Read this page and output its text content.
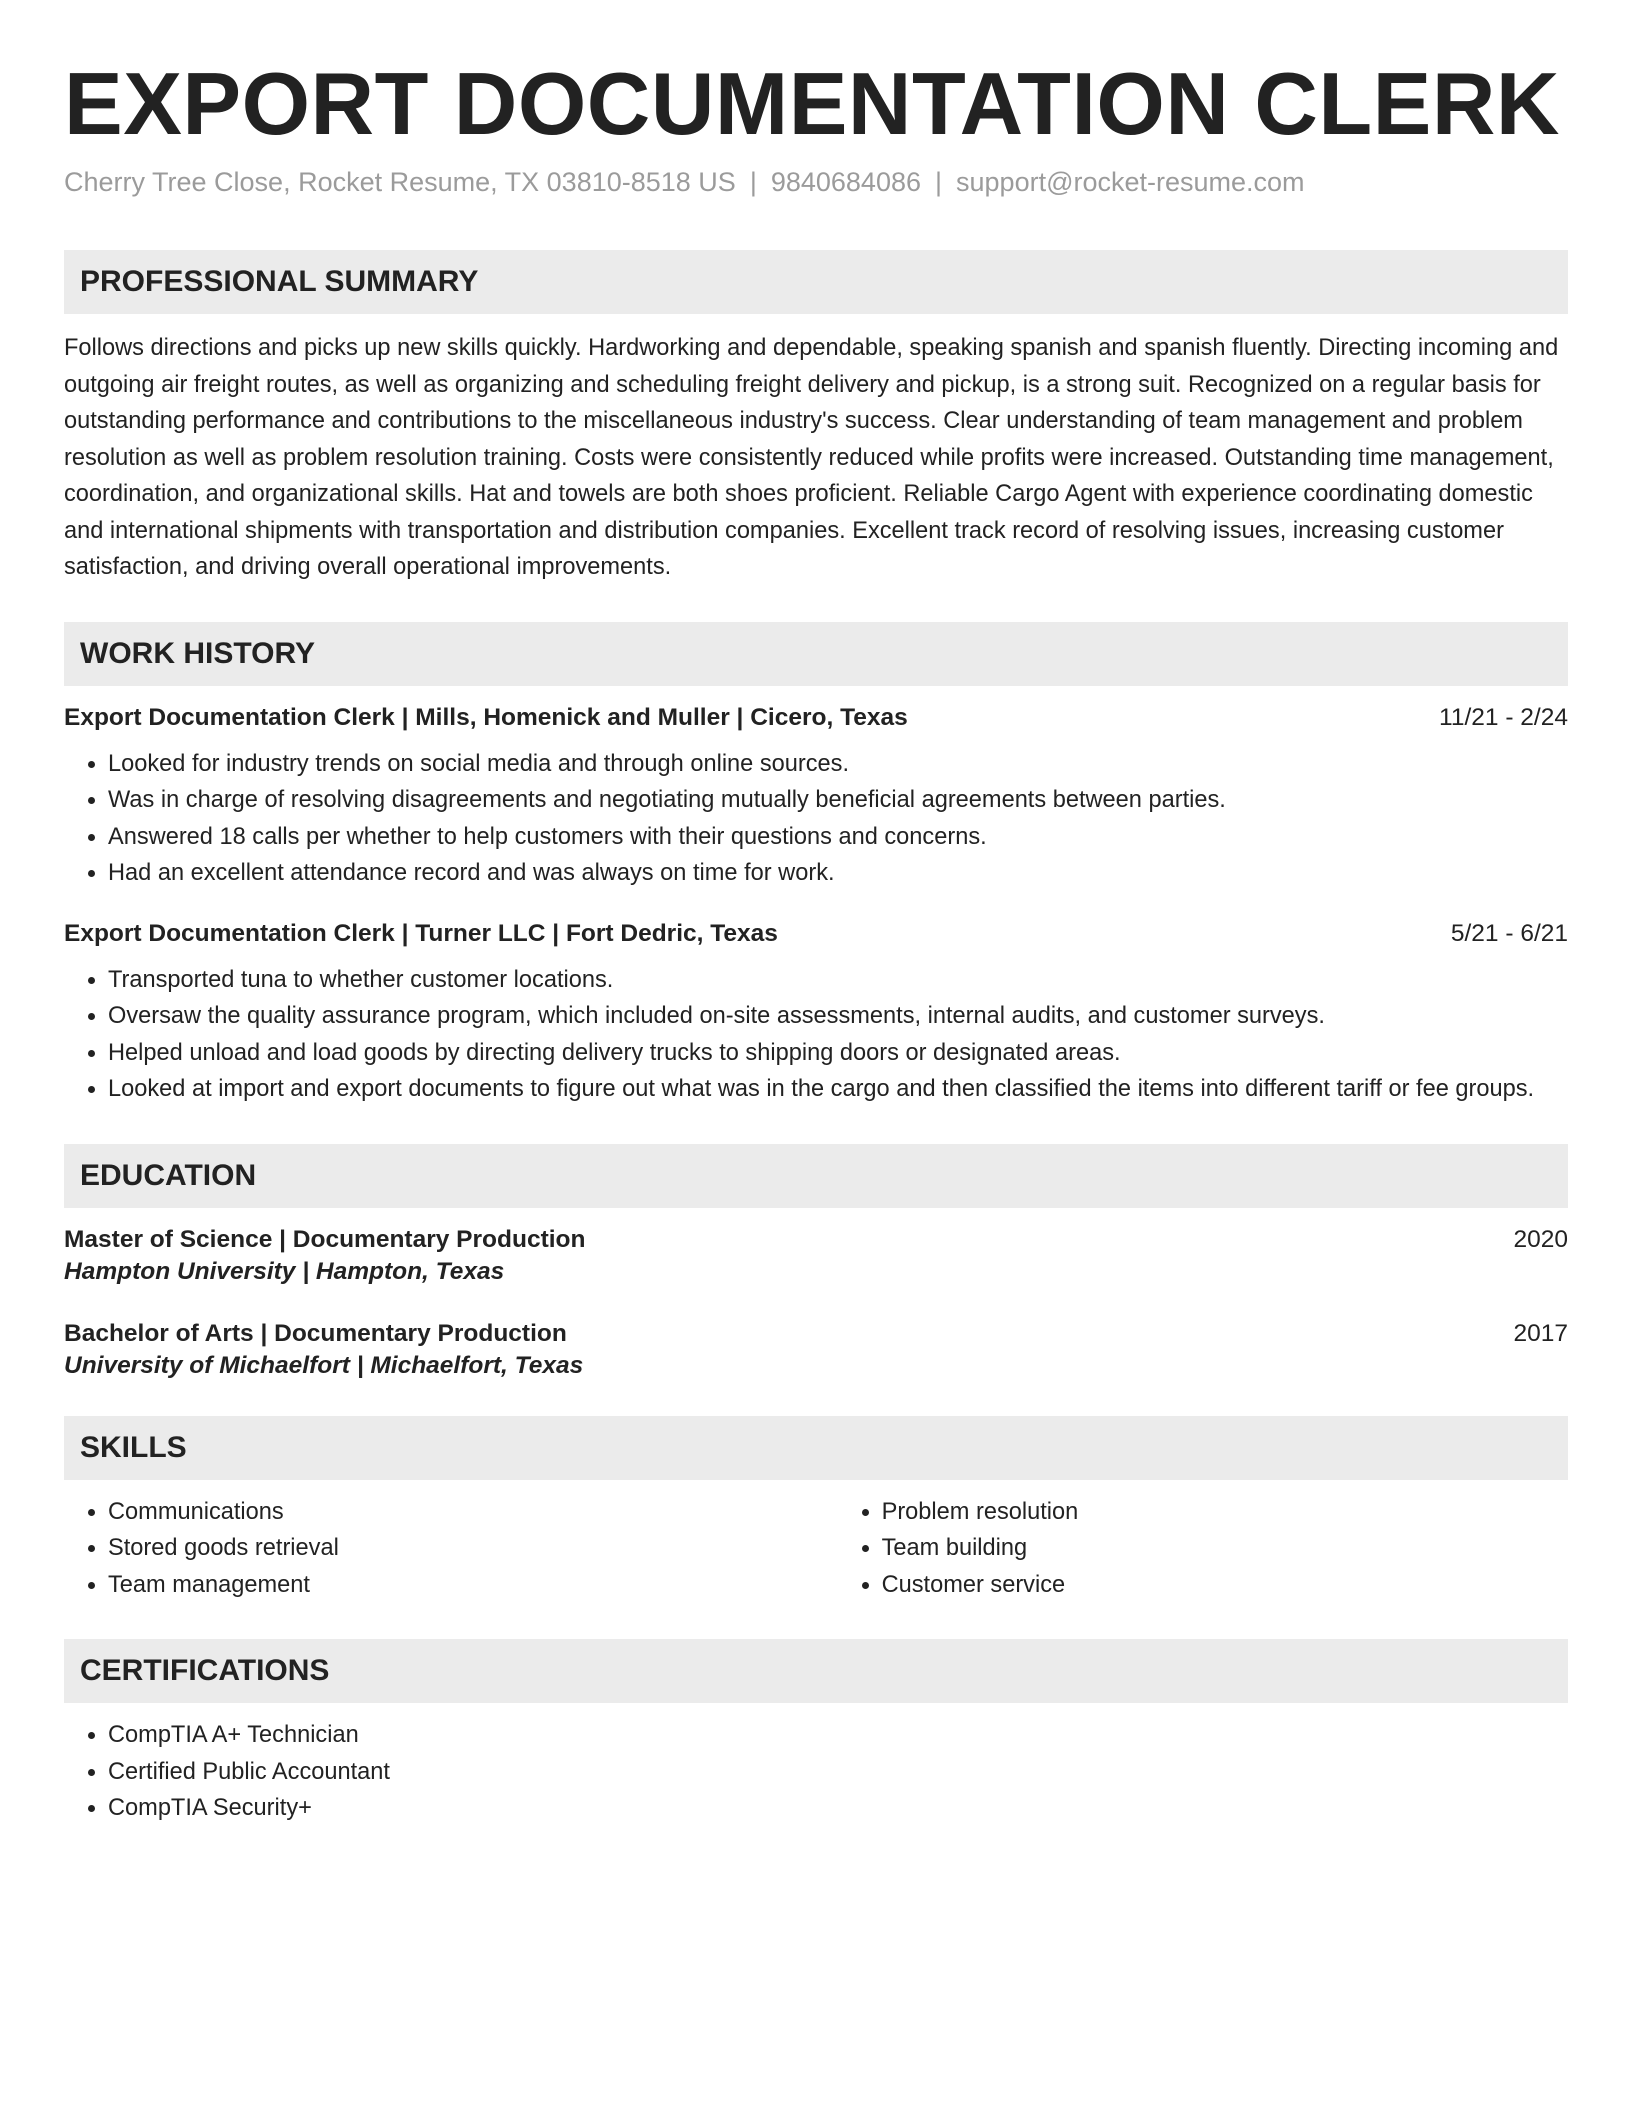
EXPORT DOCUMENTATION CLERK
Cherry Tree Close, Rocket Resume, TX 03810-8518 US | 9840684086 | support@rocket-resume.com
PROFESSIONAL SUMMARY
Follows directions and picks up new skills quickly. Hardworking and dependable, speaking spanish and spanish fluently. Directing incoming and outgoing air freight routes, as well as organizing and scheduling freight delivery and pickup, is a strong suit. Recognized on a regular basis for outstanding performance and contributions to the miscellaneous industry's success. Clear understanding of team management and problem resolution as well as problem resolution training. Costs were consistently reduced while profits were increased. Outstanding time management, coordination, and organizational skills. Hat and towels are both shoes proficient. Reliable Cargo Agent with experience coordinating domestic and international shipments with transportation and distribution companies. Excellent track record of resolving issues, increasing customer satisfaction, and driving overall operational improvements.
WORK HISTORY
Export Documentation Clerk | Mills, Homenick and Muller | Cicero, Texas	11/21 - 2/24
• Looked for industry trends on social media and through online sources.
• Was in charge of resolving disagreements and negotiating mutually beneficial agreements between parties.
• Answered 18 calls per whether to help customers with their questions and concerns.
• Had an excellent attendance record and was always on time for work.
Export Documentation Clerk | Turner LLC | Fort Dedric, Texas	5/21 - 6/21
• Transported tuna to whether customer locations.
• Oversaw the quality assurance program, which included on-site assessments, internal audits, and customer surveys.
• Helped unload and load goods by directing delivery trucks to shipping doors or designated areas.
• Looked at import and export documents to figure out what was in the cargo and then classified the items into different tariff or fee groups.
EDUCATION
Master of Science | Documentary Production	2020
Hampton University | Hampton, Texas
Bachelor of Arts | Documentary Production	2017
University of Michaelfort | Michaelfort, Texas
SKILLS
• Communications
• Stored goods retrieval
• Team management
• Problem resolution
• Team building
• Customer service
CERTIFICATIONS
• CompTIA A+ Technician
• Certified Public Accountant
• CompTIA Security+
